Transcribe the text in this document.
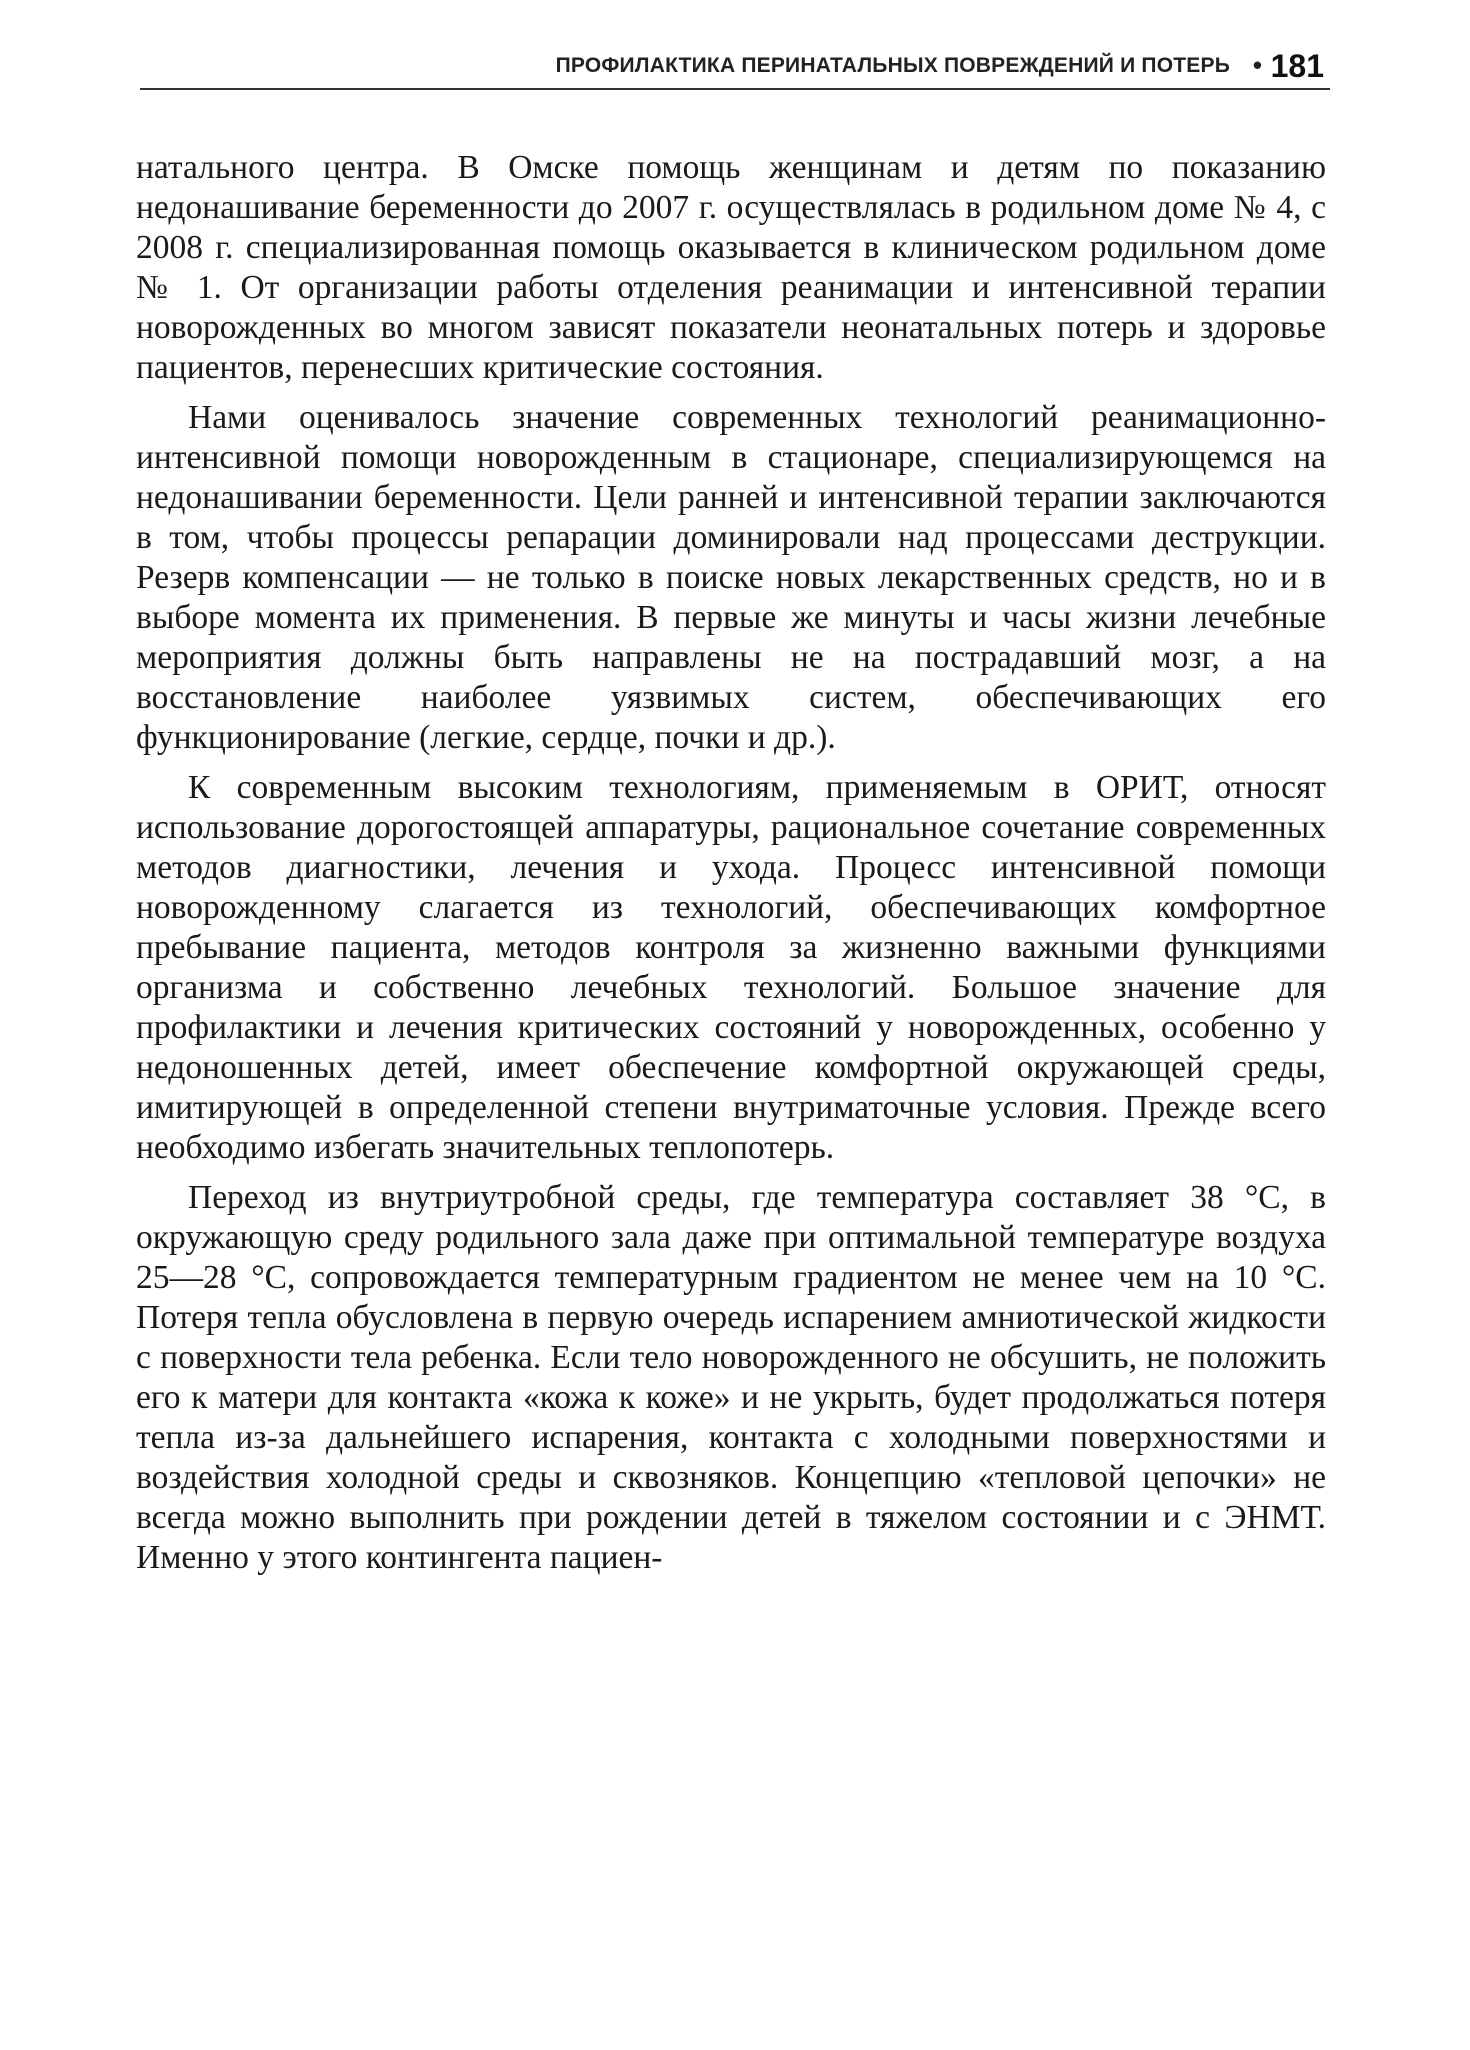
ПРОФИЛАКТИКА ПЕРИНАТАЛЬНЫХ ПОВРЕЖДЕНИЙ И ПОТЕРЬ • 181

натального центра. В Омске помощь женщинам и детям по показанию недонашивание беременности до 2007 г. осуществлялась в родильном доме № 4, с 2008 г. специализированная помощь оказывается в клиническом родильном доме № 1. От организации работы отделения реанимации и интенсивной терапии новорожденных во многом зависят показатели неонатальных потерь и здоровье пациентов, перенесших критические состояния.

Нами оценивалось значение современных технологий реанимационно-интенсивной помощи новорожденным в стационаре, специализирующемся на недонашивании беременности. Цели ранней и интенсивной терапии заключаются в том, чтобы процессы репарации доминировали над процессами деструкции. Резерв компенсации — не только в поиске новых лекарственных средств, но и в выборе момента их применения. В первые же минуты и часы жизни лечебные мероприятия должны быть направлены не на пострадавший мозг, а на восстановление наиболее уязвимых систем, обеспечивающих его функционирование (легкие, сердце, почки и др.).

К современным высоким технологиям, применяемым в ОРИТ, относят использование дорогостоящей аппаратуры, рациональное сочетание современных методов диагностики, лечения и ухода. Процесс интенсивной помощи новорожденному слагается из технологий, обеспечивающих комфортное пребывание пациента, методов контроля за жизненно важными функциями организма и собственно лечебных технологий. Большое значение для профилактики и лечения критических состояний у новорожденных, особенно у недоношенных детей, имеет обеспечение комфортной окружающей среды, имитирующей в определенной степени внутриматочные условия. Прежде всего необходимо избегать значительных теплопотерь.

Переход из внутриутробной среды, где температура составляет 38 °C, в окружающую среду родильного зала даже при оптимальной температуре воздуха 25—28 °C, сопровождается температурным градиентом не менее чем на 10 °C. Потеря тепла обусловлена в первую очередь испарением амниотической жидкости с поверхности тела ребенка. Если тело новорожденного не обсушить, не положить его к матери для контакта «кожа к коже» и не укрыть, будет продолжаться потеря тепла из-за дальнейшего испарения, контакта с холодными поверхностями и воздействия холодной среды и сквозняков. Концепцию «тепловой цепочки» не всегда можно выполнить при рождении детей в тяжелом состоянии и с ЭНМТ. Именно у этого контингента пациен-
